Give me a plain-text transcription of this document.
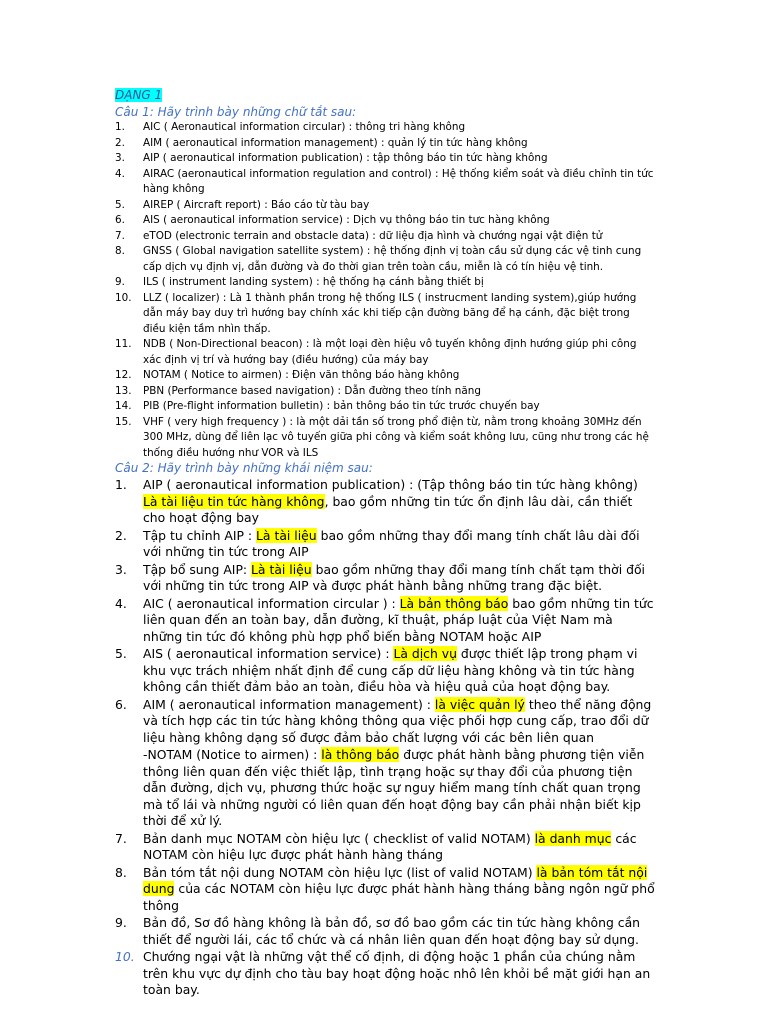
DẠNG 1
Câu 1: Hãy trình bày những chữ tắt sau:
1.	AIC ( Aeronautical information circular) : thông tri hàng không
2.	AIM ( aeronautical information management) : quản lý tin tức hàng không
3.	AIP ( aeronautical information publication) : tập thông báo tin tức hàng không
4.	AIRAC (aeronautical information regulation and control) : Hệ thống kiểm soát và điều chỉnh tin tức hàng không
5.	AIREP ( Aircraft report) : Báo cáo từ tàu bay
6.	AIS ( aeronautical information service) : Dịch vụ thông báo tin tưc hàng không
7.	eTOD (electronic terrain and obstacle data) : dữ liệu địa hình và chướng ngại vật điện tử
8.	GNSS ( Global navigation satellite system) : hệ thống định vị toàn cầu sử dụng các vệ tinh cung cấp dịch vụ định vị, dẫn đường và đo thời gian trên toàn cầu, miễn là có tín hiệu vệ tinh.
9.	ILS ( instrument landing system) : hệ thống hạ cánh bằng thiết bị
10.	LLZ ( localizer) : Là 1 thành phần trong hệ thống ILS ( instrucment landing system),giúp hướng dẫn máy bay duy trì hướng bay chính xác khi tiếp cận đường băng để hạ cánh, đặc biệt trong điều kiện tầm nhìn thấp.
11.	NDB ( Non-Directional beacon) : là một loại đèn hiệu vô tuyến không định hướng giúp phi công xác định vị trí và hướng bay (điều hướng) của máy bay
12.	NOTAM ( Notice to airmen) : Điện văn thông báo hàng không
13.	PBN (Performance based navigation) : Dẫn đường theo tính năng
14.	PIB (Pre-flight information bulletin) : bản thông báo tin tức trước chuyến bay
15.	VHF ( very high frequency ) : là một dải tần số trong phổ điện từ, nằm trong khoảng 30MHz đến 300 MHz, dùng để liên lạc vô tuyến giữa phi công và kiểm soát không lưu, cũng như trong các hệ thống điều hướng như VOR và ILS
Câu 2: Hãy trình bày những khái niệm sau:
1.	AIP ( aeronautical information publication) : (Tập thông báo tin tức hàng không) Là tài liệu tin tức hàng không, bao gồm những tin tức ổn định lâu dài, cần thiết cho hoạt động bay
2.	Tập tu chỉnh AIP : Là tài liệu bao gồm những thay đổi mang tính chất lâu dài đối với những tin tức trong AIP
3.	Tập bổ sung AIP: Là tài liệu bao gồm những thay đổi mang tính chất tạm thời đối với những tin tức trong AIP và được phát hành bằng những trang đặc biệt.
4.	AIC ( aeronautical information circular ) : Là bản thông báo bao gồm những tin tức liên quan đến an toàn bay, dẫn đường, kĩ thuật, pháp luật của Việt Nam mà những tin tức đó không phù hợp phổ biến bằng NOTAM hoặc AIP
5.	AIS ( aeronautical information service) : Là dịch vụ được thiết lập trong phạm vi khu vực trách nhiệm nhất định để cung cấp dữ liệu hàng không và tin tức hàng không cần thiết đảm bảo an toàn, điều hòa và hiệu quả của hoạt động bay.
6.	AIM ( aeronautical information management) : là việc quản lý theo thể năng động và tích hợp các tin tức hàng không thông qua việc phối hợp cung cấp, trao đổi dữ liệu hàng không dạng số được đảm bảo chất lượng với các bên liên quan
-NOTAM (Notice to airmen) : là thông báo được phát hành bằng phương tiện viễn thông liên quan đến việc thiết lập, tình trạng hoặc sự thay đổi của phương tiện dẫn đường, dịch vụ, phương thức hoặc sự nguy hiểm mang tính chất quan trọng mà tổ lái và những người có liên quan đến hoạt động bay cần phải nhận biết kịp thời để xử lý.
7.	Bản danh mục NOTAM còn hiệu lực ( checklist of valid NOTAM) là danh mục các NOTAM còn hiệu lực được phát hành hàng tháng
8.	Bản tóm tắt nội dung NOTAM còn hiệu lực (list of valid NOTAM) là bản tóm tắt nội dung của các NOTAM còn hiệu lực được phát hành hàng tháng bằng ngôn ngữ phổ thông
9.	Bản đồ, Sơ đồ hàng không là bản đồ, sơ đồ bao gồm các tin tức hàng không cần thiết để người lái, các tổ chức và cá nhân liên quan đến hoạt động bay sử dụng.
10. Chướng ngại vật là những vật thể cố định, di động hoặc 1 phần của chúng nằm trên khu vực dự định cho tàu bay hoạt động hoặc nhô lên khỏi bề mặt giới hạn an toàn bay.
